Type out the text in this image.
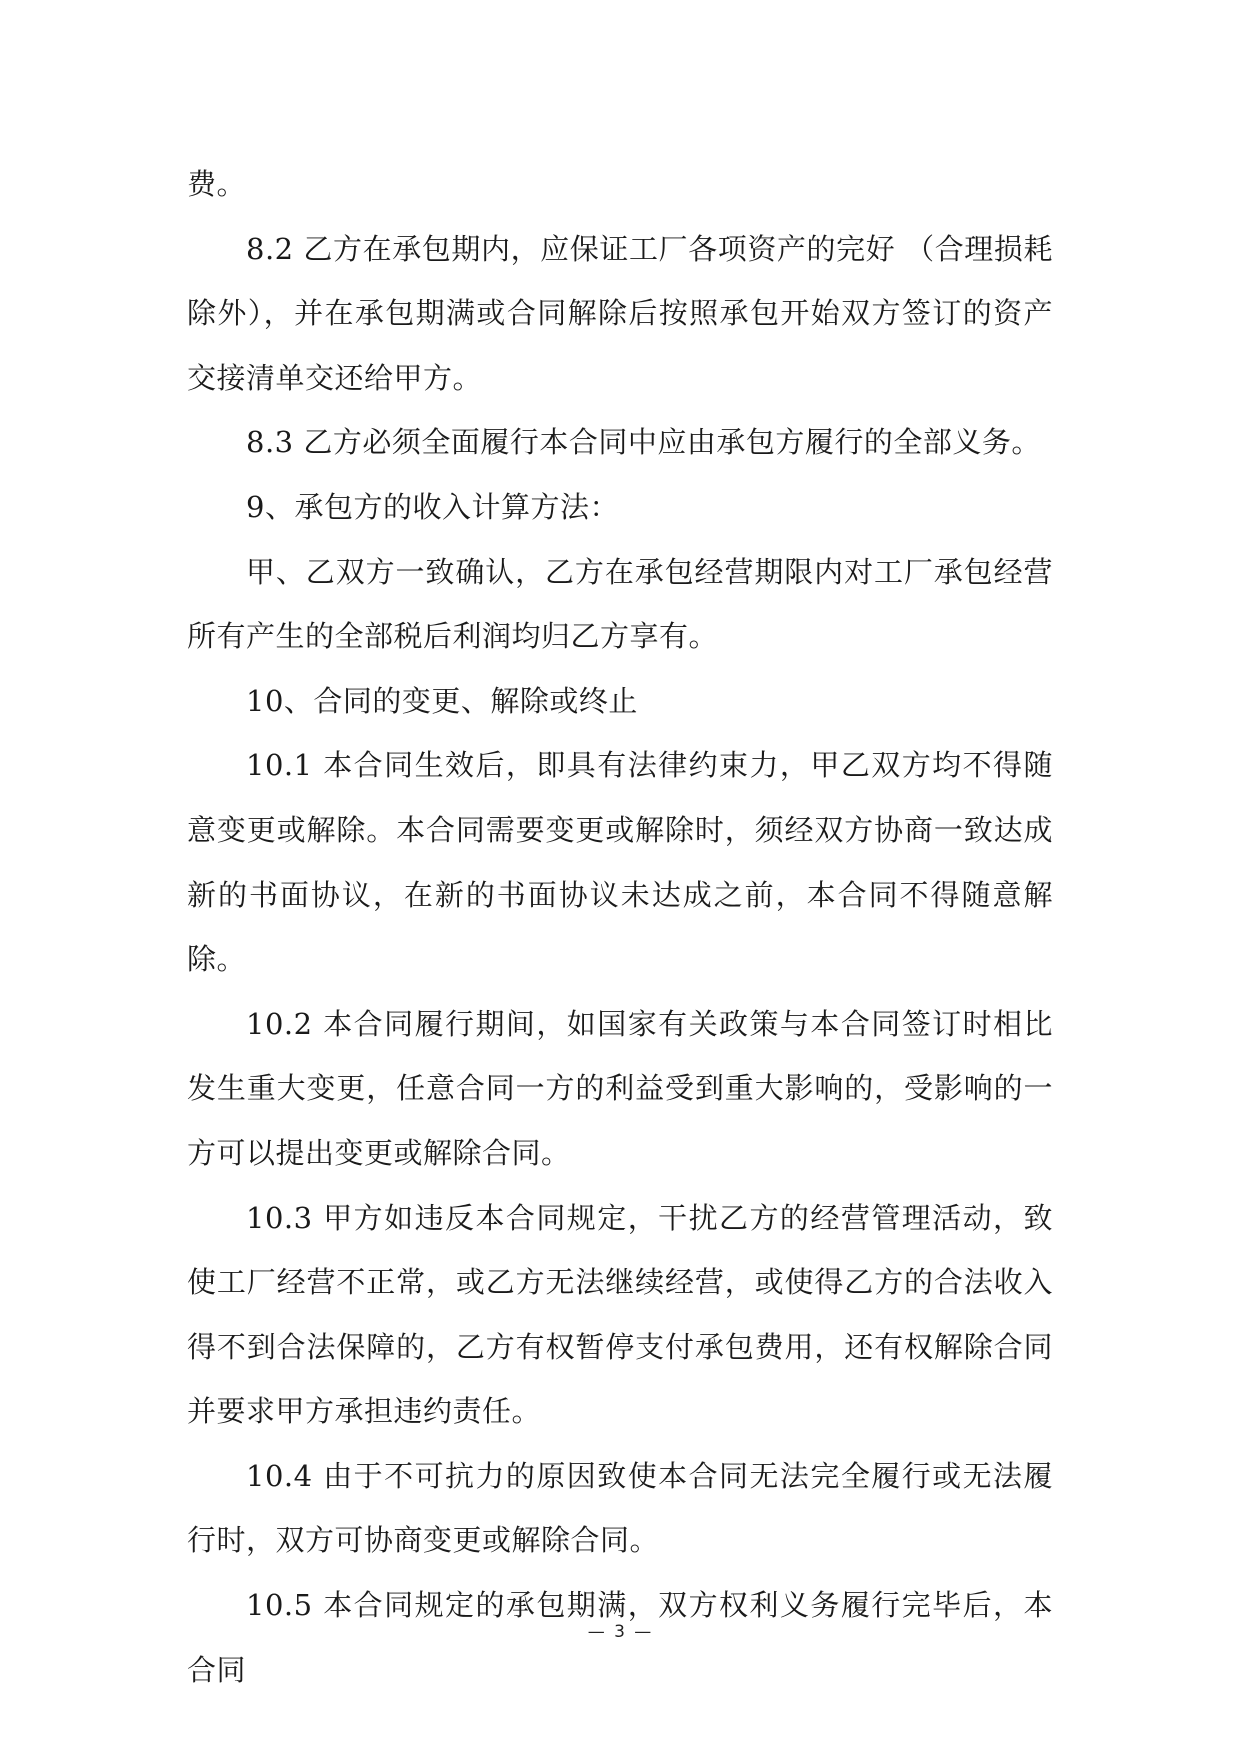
费。

8.2 乙方在承包期内，应保证工厂各项资产的完好 （合理损耗除外），并在承包期满或合同解除后按照承包开始双方签订的资产交接清单交还给甲方。

8.3 乙方必须全面履行本合同中应由承包方履行的全部义务。

9、承包方的收入计算方法：

甲、乙双方一致确认，乙方在承包经营期限内对工厂承包经营所有产生的全部税后利润均归乙方享有。

10、合同的变更、解除或终止

10.1 本合同生效后，即具有法律约束力，甲乙双方均不得随意变更或解除。本合同需要变更或解除时，须经双方协商一致达成新的书面协议，在新的书面协议未达成之前，本合同不得随意解除。

10.2 本合同履行期间，如国家有关政策与本合同签订时相比发生重大变更，任意合同一方的利益受到重大影响的，受影响的一方可以提出变更或解除合同。

10.3 甲方如违反本合同规定，干扰乙方的经营管理活动，致使工厂经营不正常，或乙方无法继续经营，或使得乙方的合法收入得不到合法保障的，乙方有权暂停支付承包费用，还有权解除合同并要求甲方承担违约责任。

10.4 由于不可抗力的原因致使本合同无法完全履行或无法履行时，双方可协商变更或解除合同。

10.5 本合同规定的承包期满，双方权利义务履行完毕后，本合同

— 3 —
